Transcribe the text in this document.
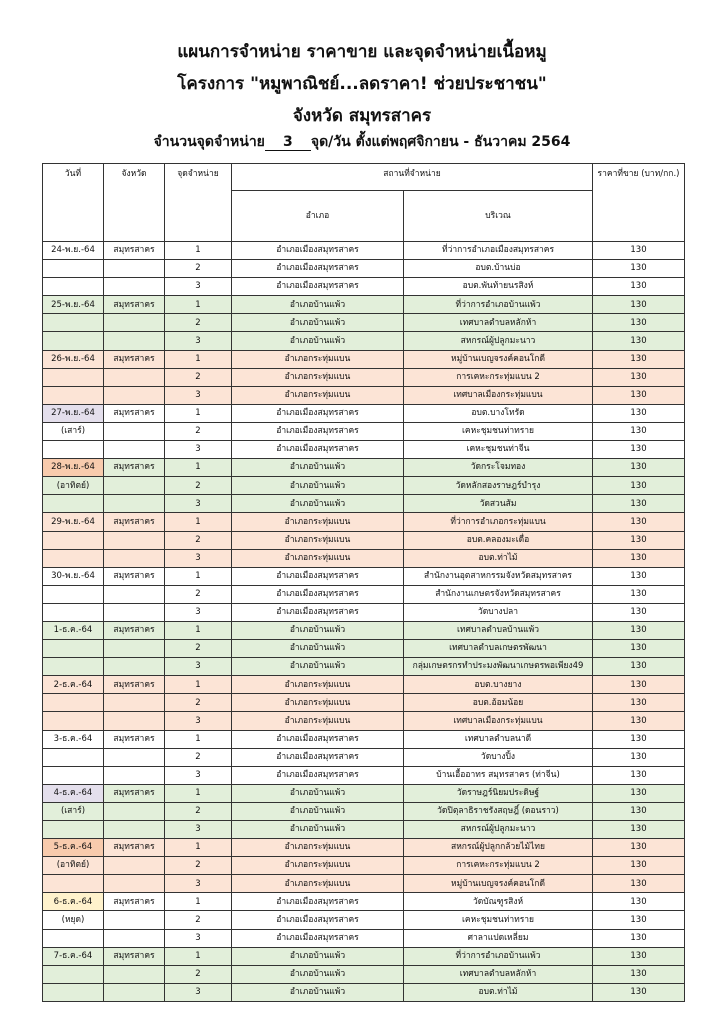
แผนการจำหน่าย ราคาขาย และจุดจำหน่ายเนื้อหมู
โครงการ "หมูพาณิชย์...ลดราคา! ช่วยประชาชน"
จังหวัด สมุทรสาคร
จำนวนจุดจำหน่าย 3 จุด/วัน ตั้งแต่พฤศจิกายน - ธันวาคม 2564
วันที่	จังหวัด	จุดจำหน่าย	สถานที่จำหน่าย		ราคาที่ขาย (บาท/กก.)
			อำเภอ	บริเวณ	
24-พ.ย.-64	สมุทรสาคร	1	อำเภอเมืองสมุทรสาคร	ที่ว่าการอำเภอเมืองสมุทรสาคร	130
		2	อำเภอเมืองสมุทรสาคร	อบต.บ้านบ่อ	130
		3	อำเภอเมืองสมุทรสาคร	อบต.พันท้ายนรสิงห์	130
25-พ.ย.-64	สมุทรสาคร	1	อำเภอบ้านแพ้ว	ที่ว่าการอำเภอบ้านแพ้ว	130
		2	อำเภอบ้านแพ้ว	เทศบาลตำบลหลักห้า	130
		3	อำเภอบ้านแพ้ว	สหกรณ์ผู้ปลูกมะนาว	130
26-พ.ย.-64	สมุทรสาคร	1	อำเภอกระทุ่มแบน	หมู่บ้านเบญจรงค์คอนโกดี	130
		2	อำเภอกระทุ่มแบน	การเคหะกระทุ่มแบน 2	130
		3	อำเภอกระทุ่มแบน	เทศบาลเมืองกระทุ่มแบน	130
27-พ.ย.-64	สมุทรสาคร	1	อำเภอเมืองสมุทรสาคร	อบต.บางโทรัด	130
(เสาร์)		2	อำเภอเมืองสมุทรสาคร	เคหะชุมชนท่าทราย	130
		3	อำเภอเมืองสมุทรสาคร	เคหะชุมชนท่าจีน	130
28-พ.ย.-64	สมุทรสาคร	1	อำเภอบ้านแพ้ว	วัดกระโจมทอง	130
(อาทิตย์)		2	อำเภอบ้านแพ้ว	วัดหลักสองราษฎร์บำรุง	130
		3	อำเภอบ้านแพ้ว	วัดสวนส้ม	130
29-พ.ย.-64	สมุทรสาคร	1	อำเภอกระทุ่มแบน	ที่ว่าการอำเภอกระทุ่มแบน	130
		2	อำเภอกระทุ่มแบน	อบต.คลองมะเดื่อ	130
		3	อำเภอกระทุ่มแบน	อบต.ท่าไม้	130
30-พ.ย.-64	สมุทรสาคร	1	อำเภอเมืองสมุทรสาคร	สำนักงานอุตสาหกรรมจังหวัดสมุทรสาคร	130
		2	อำเภอเมืองสมุทรสาคร	สำนักงานเกษตรจังหวัดสมุทรสาคร	130
		3	อำเภอเมืองสมุทรสาคร	วัดบางปลา	130
1-ธ.ค.-64	สมุทรสาคร	1	อำเภอบ้านแพ้ว	เทศบาลตำบลบ้านแพ้ว	130
		2	อำเภอบ้านแพ้ว	เทศบาลตำบลเกษตรพัฒนา	130
		3	อำเภอบ้านแพ้ว	กลุ่มเกษตรกรทำประมงพัฒนาเกษตรพอเพียง49	130
2-ธ.ค.-64	สมุทรสาคร	1	อำเภอกระทุ่มแบน	อบต.บางยาง	130
		2	อำเภอกระทุ่มแบน	อบต.อ้อมน้อย	130
		3	อำเภอกระทุ่มแบน	เทศบาลเมืองกระทุ่มแบน	130
3-ธ.ค.-64	สมุทรสาคร	1	อำเภอเมืองสมุทรสาคร	เทศบาลตำบลนาดี	130
		2	อำเภอเมืองสมุทรสาคร	วัดบางปิ้ง	130
		3	อำเภอเมืองสมุทรสาคร	บ้านเอื้ออาทร สมุทรสาคร (ท่าจีน)	130
4-ธ.ค.-64	สมุทรสาคร	1	อำเภอบ้านแพ้ว	วัดราษฎร์นิยมประดิษฐ์	130
(เสาร์)		2	อำเภอบ้านแพ้ว	วัดปิตุลาธิราชรังสฤษฎิ์ (ดอนราว)	130
		3	อำเภอบ้านแพ้ว	สหกรณ์ผู้ปลูกมะนาว	130
5-ธ.ค.-64	สมุทรสาคร	1	อำเภอกระทุ่มแบน	สหกรณ์ผู้ปลูกกล้วยไม้ไทย	130
(อาทิตย์)		2	อำเภอกระทุ่มแบน	การเคหะกระทุ่มแบน 2	130
		3	อำเภอกระทุ่มแบน	หมู่บ้านเบญจรงค์คอนโกดี	130
6-ธ.ค.-64	สมุทรสาคร	1	อำเภอเมืองสมุทรสาคร	วัดบัณฑูรสิงห์	130
(หยุด)		2	อำเภอเมืองสมุทรสาคร	เคหะชุมชนท่าทราย	130
		3	อำเภอเมืองสมุทรสาคร	ศาลาแปดเหลี่ยม	130
7-ธ.ค.-64	สมุทรสาคร	1	อำเภอบ้านแพ้ว	ที่ว่าการอำเภอบ้านแพ้ว	130
		2	อำเภอบ้านแพ้ว	เทศบาลตำบลหลักห้า	130
		3	อำเภอบ้านแพ้ว	อบต.ท่าไม้	130
